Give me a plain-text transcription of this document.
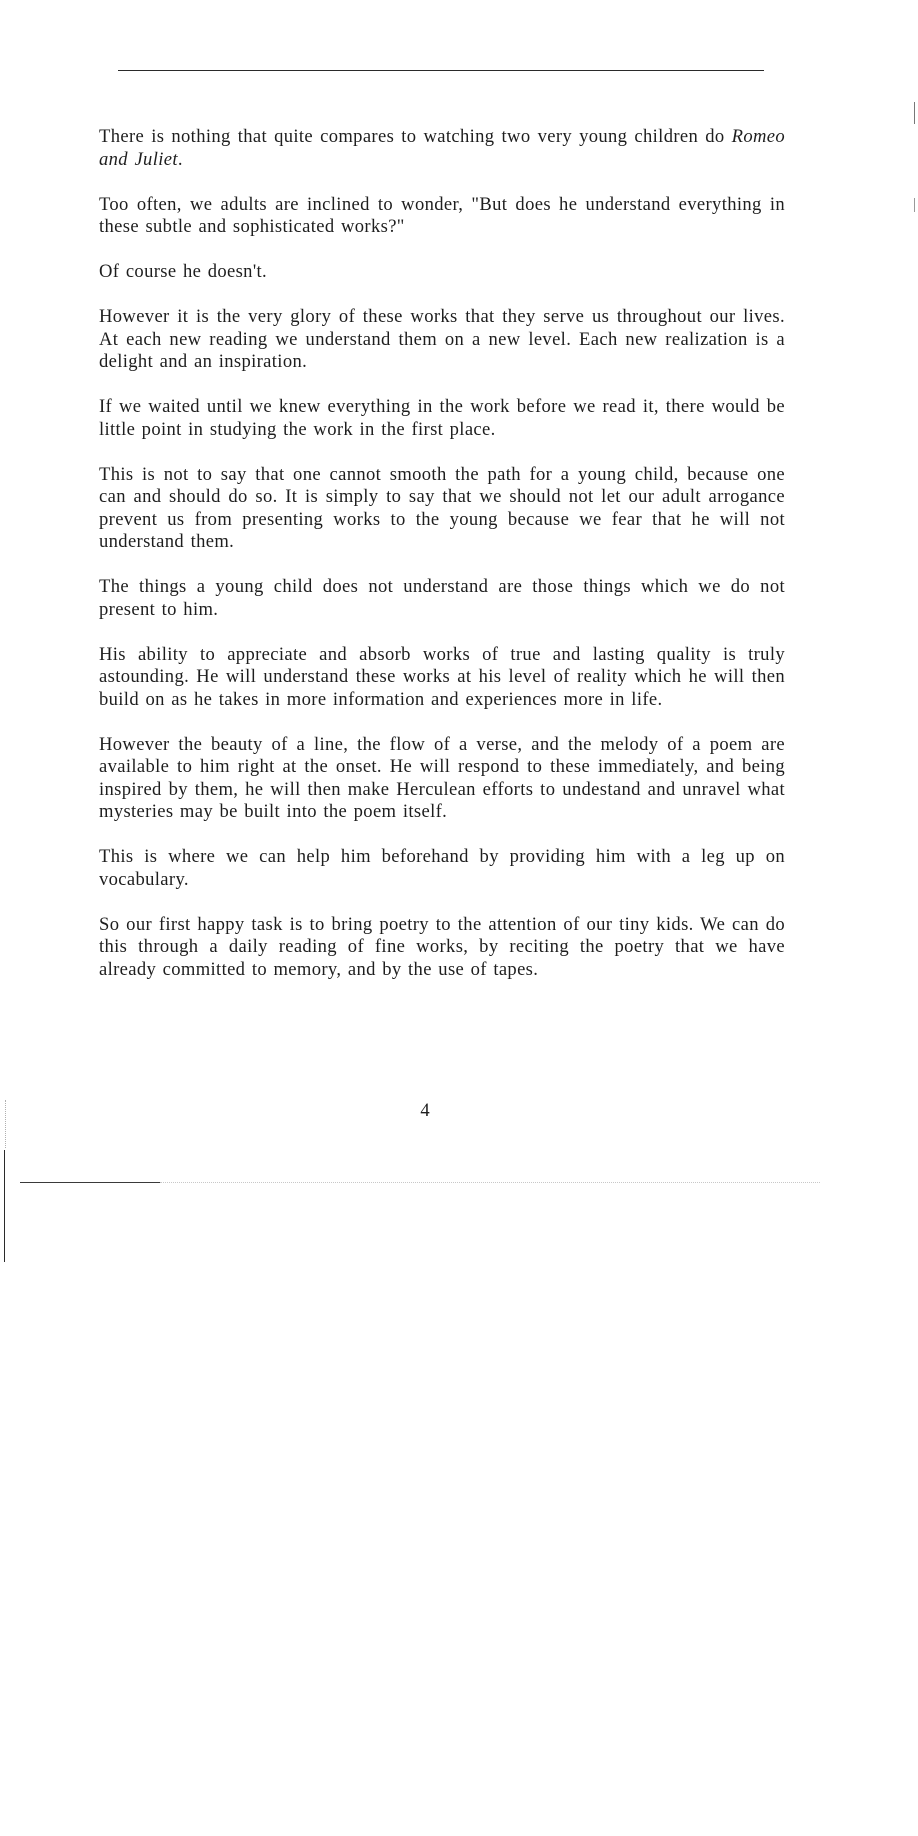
There is nothing that quite compares to watching two very young children do Romeo and Juliet.

Too often, we adults are inclined to wonder, "But does he understand everything in these subtle and sophisticated works?"

Of course he doesn't.

However it is the very glory of these works that they serve us throughout our lives. At each new reading we understand them on a new level. Each new realization is a delight and an inspiration.

If we waited until we knew everything in the work before we read it, there would be little point in studying the work in the first place.

This is not to say that one cannot smooth the path for a young child, because one can and should do so. It is simply to say that we should not let our adult arrogance prevent us from presenting works to the young because we fear that he will not understand them.

The things a young child does not understand are those things which we do not present to him.

His ability to appreciate and absorb works of true and lasting quality is truly astounding. He will understand these works at his level of reality which he will then build on as he takes in more information and experiences more in life.

However the beauty of a line, the flow of a verse, and the melody of a poem are available to him right at the onset. He will respond to these immediately, and being inspired by them, he will then make Herculean efforts to undestand and unravel what mysteries may be built into the poem itself.

This is where we can help him beforehand by providing him with a leg up on vocabulary.

So our first happy task is to bring poetry to the attention of our tiny kids. We can do this through a daily reading of fine works, by reciting the poetry that we have already committed to memory, and by the use of tapes.

4
